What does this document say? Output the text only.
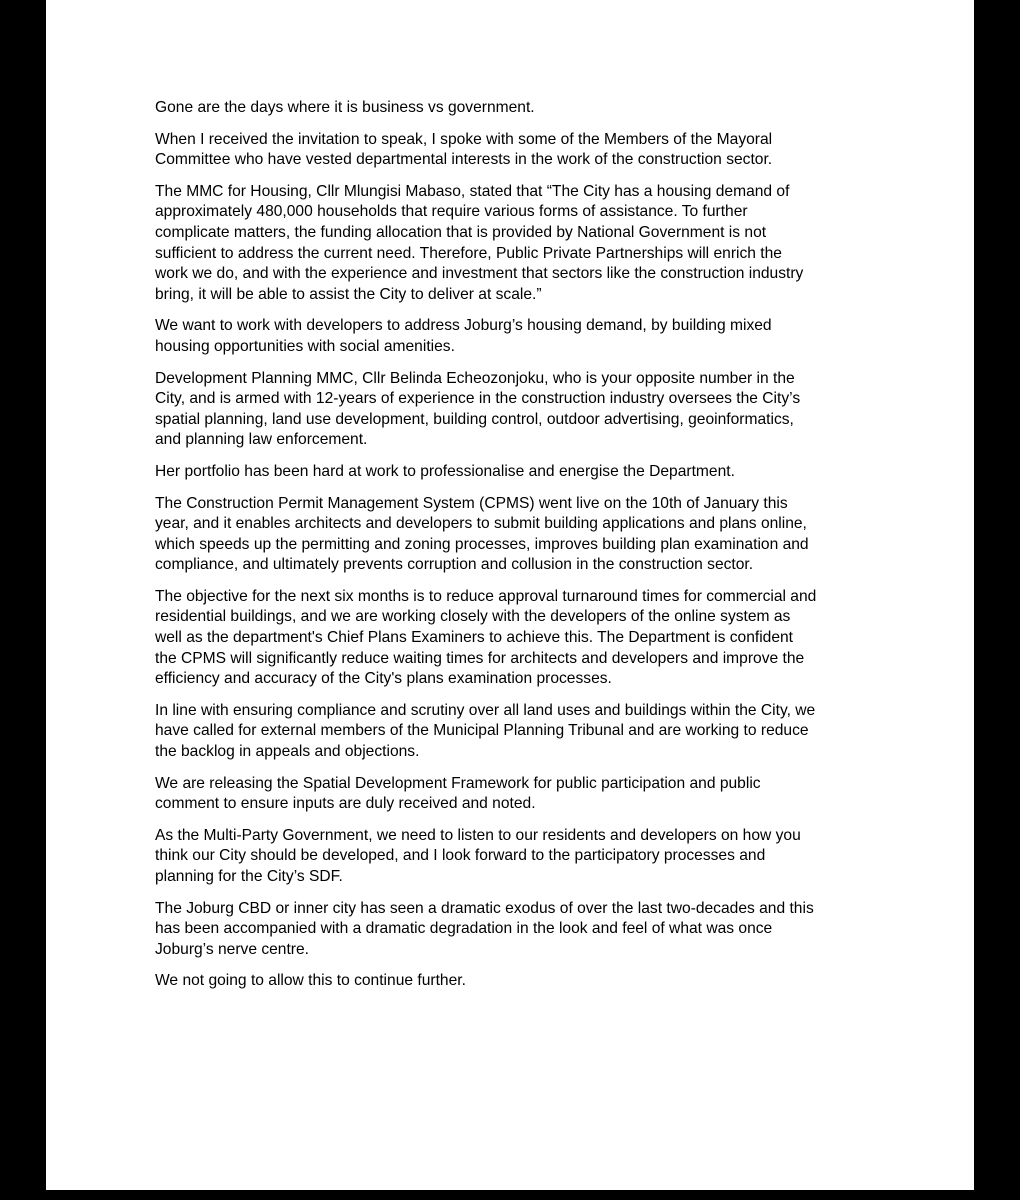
Gone are the days where it is business vs government.

When I received the invitation to speak, I spoke with some of the Members of the Mayoral
Committee who have vested departmental interests in the work of the construction sector.

The MMC for Housing, Cllr Mlungisi Mabaso, stated that “The City has a housing demand of
approximately 480,000 households that require various forms of assistance. To further
complicate matters, the funding allocation that is provided by National Government is not
sufficient to address the current need. Therefore, Public Private Partnerships will enrich the
work we do, and with the experience and investment that sectors like the construction industry
bring, it will be able to assist the City to deliver at scale.”

We want to work with developers to address Joburg’s housing demand, by building mixed
housing opportunities with social amenities.

Development Planning MMC, Cllr Belinda Echeozonjoku, who is your opposite number in the
City, and is armed with 12-years of experience in the construction industry oversees the City’s
spatial planning, land use development, building control, outdoor advertising, geoinformatics,
and planning law enforcement.

Her portfolio has been hard at work to professionalise and energise the Department.

The Construction Permit Management System (CPMS) went live on the 10th of January this
year, and it enables architects and developers to submit building applications and plans online,
which speeds up the permitting and zoning processes, improves building plan examination and
compliance, and ultimately prevents corruption and collusion in the construction sector.

The objective for the next six months is to reduce approval turnaround times for commercial and
residential buildings, and we are working closely with the developers of the online system as
well as the department's Chief Plans Examiners to achieve this. The Department is confident
the CPMS will significantly reduce waiting times for architects and developers and improve the
efficiency and accuracy of the City's plans examination processes.

In line with ensuring compliance and scrutiny over all land uses and buildings within the City, we
have called for external members of the Municipal Planning Tribunal and are working to reduce
the backlog in appeals and objections.

We are releasing the Spatial Development Framework for public participation and public
comment to ensure inputs are duly received and noted.

As the Multi-Party Government, we need to listen to our residents and developers on how you
think our City should be developed, and I look forward to the participatory processes and
planning for the City’s SDF.

The Joburg CBD or inner city has seen a dramatic exodus of over the last two-decades and this
has been accompanied with a dramatic degradation in the look and feel of what was once
Joburg’s nerve centre.

We not going to allow this to continue further.
